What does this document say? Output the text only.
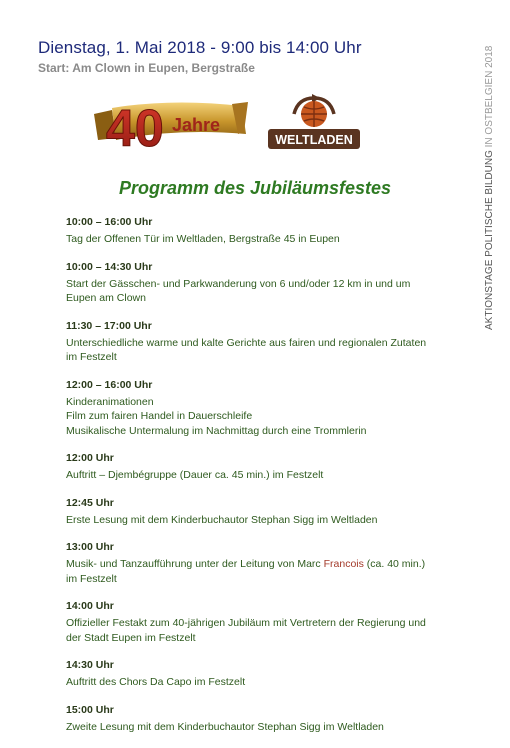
Dienstag, 1. Mai 2018 - 9:00 bis 14:00 Uhr
Start: Am Clown in Eupen, Bergstraße
AKTIONSTAGE POLITISCHE BILDUNG IN OSTBELGIEN 2018
40 Jahre
WELTLADEN
Programm des Jubiläumsfestes
10:00 – 16:00 Uhr
Tag der Offenen Tür im Weltladen, Bergstraße 45 in Eupen
10:00 – 14:30 Uhr
Start der Gässchen- und Parkwanderung von 6 und/oder 12 km in und um
Eupen am Clown
11:30 – 17:00 Uhr
Unterschiedliche warme und kalte Gerichte aus fairen und regionalen Zutaten
im Festzelt
12:00 – 16:00 Uhr
Kinderanimationen
Film zum fairen Handel in Dauerschleife
Musikalische Untermalung im Nachmittag durch eine Trommlerin
12:00 Uhr
Auftritt – Djembégruppe (Dauer ca. 45 min.) im Festzelt
12:45 Uhr
Erste Lesung mit dem Kinderbuchautor Stephan Sigg im Weltladen
13:00 Uhr
Musik- und Tanzaufführung unter der Leitung von Marc Francois (ca. 40 min.)
im Festzelt
14:00 Uhr
Offizieller Festakt zum 40-jährigen Jubiläum mit Vertretern der Regierung und
der Stadt Eupen im Festzelt
14:30 Uhr
Auftritt des Chors Da Capo im Festzelt
15:00 Uhr
Zweite Lesung mit dem Kinderbuchautor Stephan Sigg im Weltladen
